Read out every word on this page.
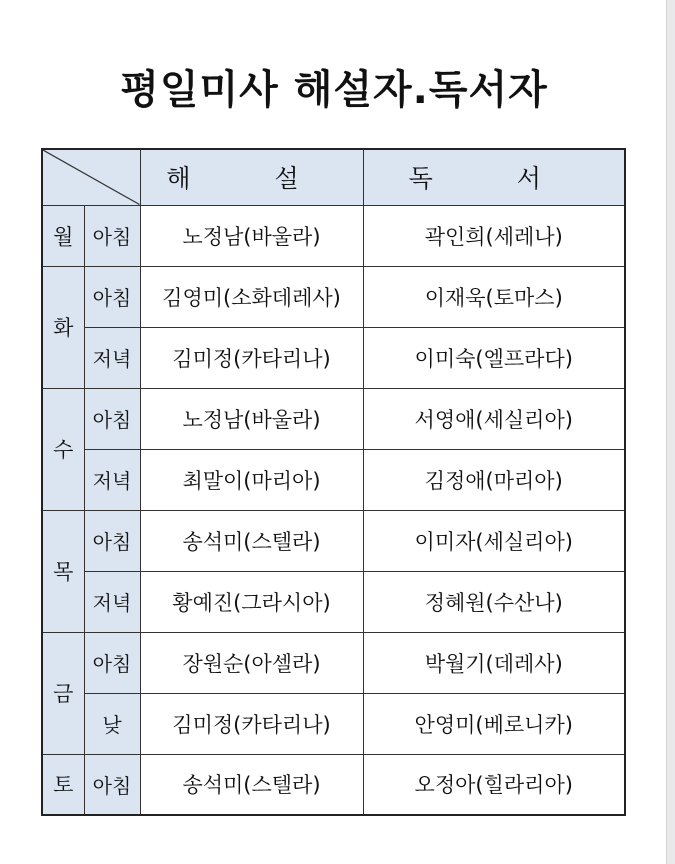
평일미사 해설자.독서자
	해 설	독 서
월	아침	노정남(바울라)	곽인희(세레나)
화	아침	김영미(소화데레사)	이재욱(토마스)
	저녁	김미정(카타리나)	이미숙(엘프라다)
수	아침	노정남(바울라)	서영애(세실리아)
	저녁	최말이(마리아)	김정애(마리아)
목	아침	송석미(스텔라)	이미자(세실리아)
	저녁	황예진(그라시아)	정혜원(수산나)
금	아침	장원순(아셀라)	박월기(데레사)
	낮	김미정(카타리나)	안영미(베로니카)
토	아침	송석미(스텔라)	오정아(힐라리아)
